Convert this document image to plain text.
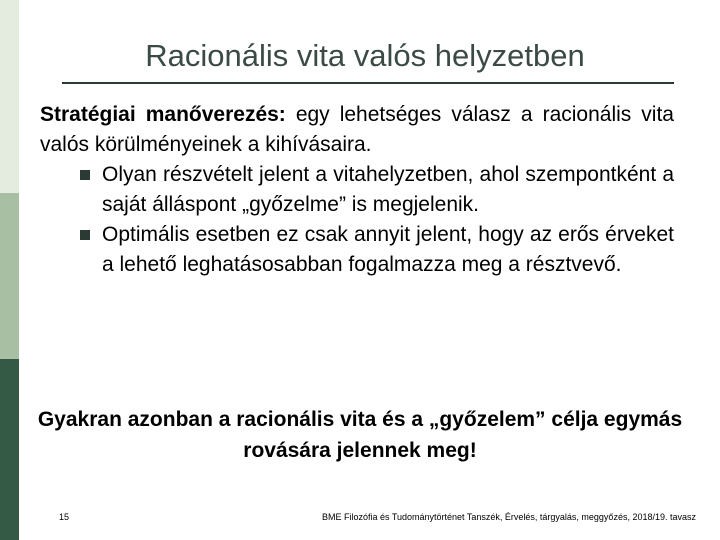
Racionális vita valós helyzetben

Stratégiai manőverezés: egy lehetséges válasz a racionális vita valós körülményeinek a kihívásaira.

Olyan részvételt jelent a vitahelyzetben, ahol szempontként a saját álláspont „győzelme” is megjelenik.

Optimális esetben ez csak annyit jelent, hogy az erős érveket a lehető leghatásosabban fogalmazza meg a résztvevő.

Gyakran azonban a racionális vita és a „győzelem” célja egymás rovására jelennek meg!
15	BME Filozófia és Tudománytörténet Tanszék, Érvelés, tárgyalás, meggyőzés, 2018/19. tavasz
